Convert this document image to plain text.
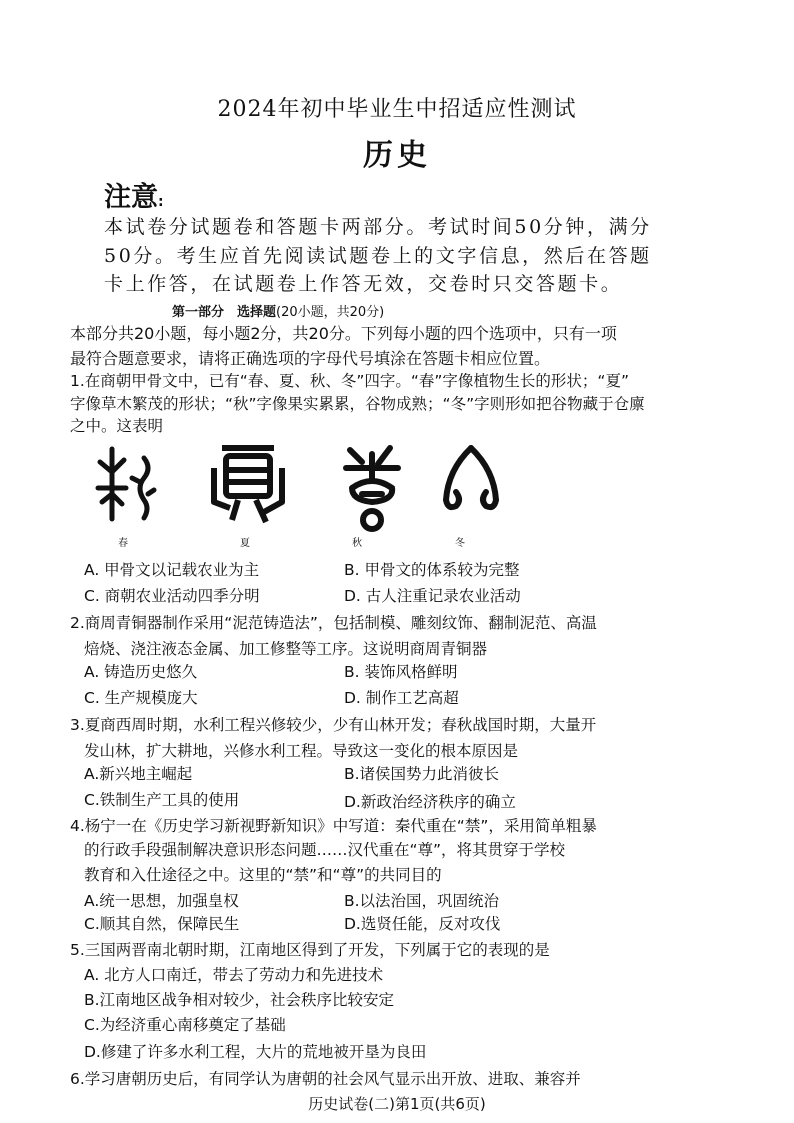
2024年初中毕业生中招适应性测试
历史
注意:
本试卷分试题卷和答题卡两部分。考试时间50分钟，满分
50分。考生应首先阅读试题卷上的文字信息，然后在答题
卡上作答，在试题卷上作答无效，交卷时只交答题卡。
第一部分　选择题(20小题，共20分)
本部分共20小题，每小题2分，共20分。下列每小题的四个选项中，只有一项
最符合题意要求，请将正确选项的字母代号填涂在答题卡相应位置。
1.在商朝甲骨文中，已有“春、夏、秋、冬”四字。“春”字像植物生长的形状；“夏”
字像草木繁茂的形状；“秋”字像果实累累，谷物成熟；“冬”字则形如把谷物藏于仓廪
之中。这表明
春	夏	秋	冬
A. 甲骨文以记载农业为主	B. 甲骨文的体系较为完整
C. 商朝农业活动四季分明	D. 古人注重记录农业活动
2.商周青铜器制作采用“泥范铸造法”，包括制模、雕刻纹饰、翻制泥范、高温
焙烧、浇注液态金属、加工修整等工序。这说明商周青铜器
A. 铸造历史悠久	B. 装饰风格鲜明
C. 生产规模庞大	D. 制作工艺高超
3.夏商西周时期，水利工程兴修较少，少有山林开发；春秋战国时期，大量开
发山林，扩大耕地，兴修水利工程。导致这一变化的根本原因是
A.新兴地主崛起	B.诸侯国势力此消彼长
C.铁制生产工具的使用	D.新政治经济秩序的确立
4.杨宁一在《历史学习新视野新知识》中写道：秦代重在“禁”，采用简单粗暴
的行政手段强制解决意识形态问题……汉代重在“尊”，将其贯穿于学校
教育和入仕途径之中。这里的“禁”和“尊”的共同目的
A.统一思想，加强皇权	B.以法治国，巩固统治
C.顺其自然，保障民生	D.选贤任能，反对攻伐
5.三国两晋南北朝时期，江南地区得到了开发，下列属于它的表现的是
A. 北方人口南迁，带去了劳动力和先进技术
B.江南地区战争相对较少，社会秩序比较安定
C.为经济重心南移奠定了基础
D.修建了许多水利工程，大片的荒地被开垦为良田
6.学习唐朝历史后，有同学认为唐朝的社会风气显示出开放、进取、兼容并
历史试卷(二)第1页(共6页)
